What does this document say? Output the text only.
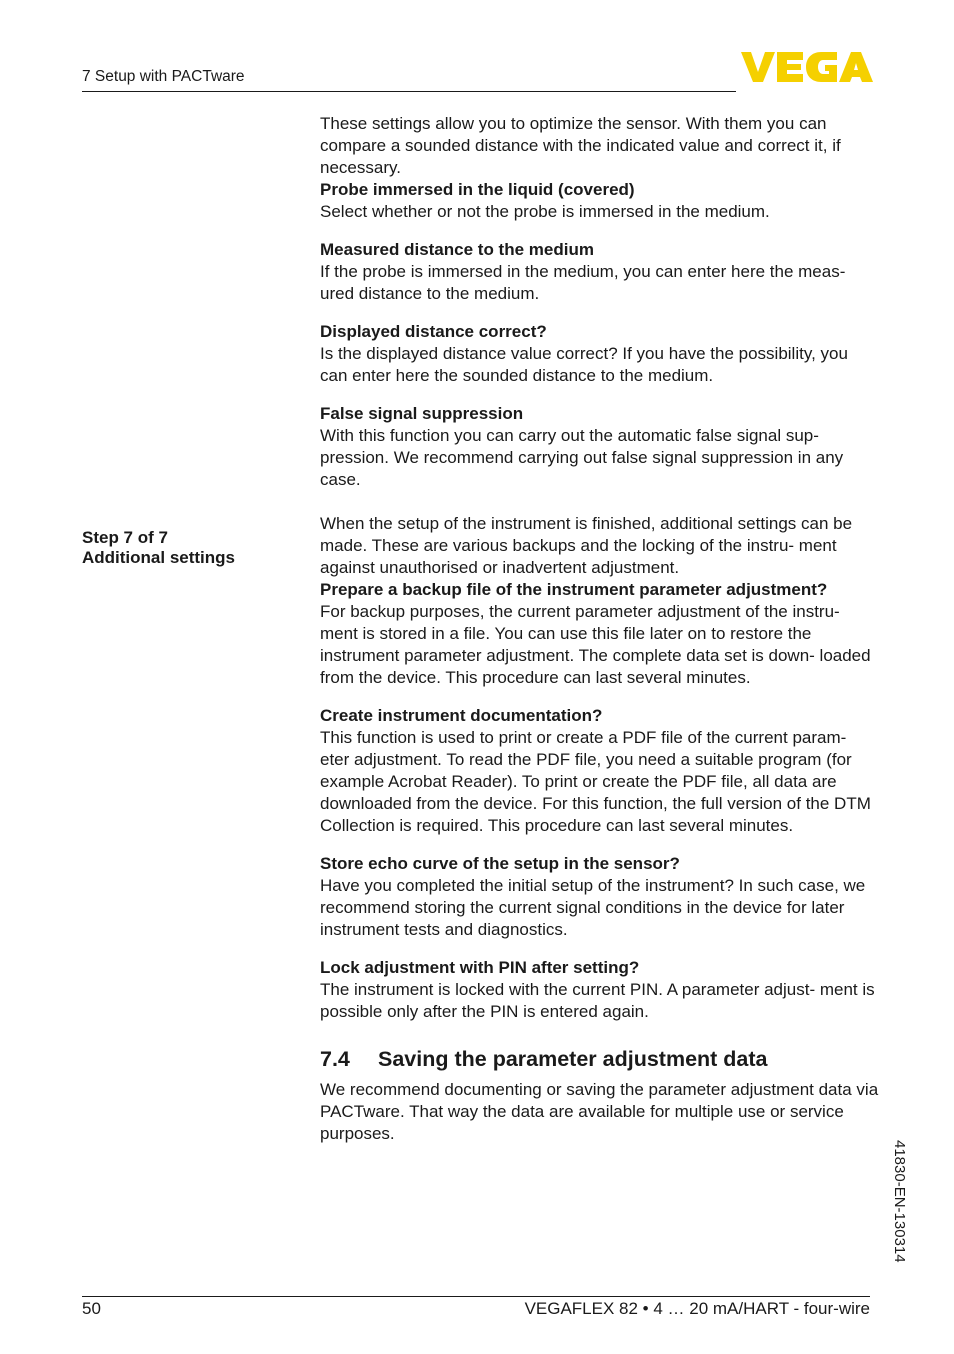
7 Setup with PACTware
Step 7 of 7
Additional settings

These settings allow you to optimize the sensor. With them you can compare a sounded distance with the indicated value and correct it, if necessary.

Probe immersed in the liquid (covered)

Select whether or not the probe is immersed in the medium.

Measured distance to the medium

If the probe is immersed in the medium, you can enter here the meas- ured distance to the medium.

Displayed distance correct?

Is the displayed distance value correct? If you have the possibility, you can enter here the sounded distance to the medium.

False signal suppression

With this function you can carry out the automatic false signal sup- pression. We recommend carrying out false signal suppression in any case.

When the setup of the instrument is finished, additional settings can be made. These are various backups and the locking of the instru- ment against unauthorised or inadvertent adjustment.

Prepare a backup file of the instrument parameter adjustment?

For backup purposes, the current parameter adjustment of the instru- ment is stored in a file. You can use this file later on to restore the instrument parameter adjustment. The complete data set is down- loaded from the device. This procedure can last several minutes.

Create instrument documentation?

This function is used to print or create a PDF file of the current param- eter adjustment. To read the PDF file, you need a suitable program (for example Acrobat Reader). To print or create the PDF file, all data are downloaded from the device. For this function, the full version of the DTM Collection is required. This procedure can last several minutes.

Store echo curve of the setup in the sensor?

Have you completed the initial setup of the instrument? In such case, we recommend storing the current signal conditions in the device for later instrument tests and diagnostics.

Lock adjustment with PIN after setting?

The instrument is locked with the current PIN. A parameter adjust- ment is possible only after the PIN is entered again.

7.4 Saving the parameter adjustment data

We recommend documenting or saving the parameter adjustment data via PACTware. That way the data are available for multiple use or service purposes.

41830-EN-130314
50	VEGAFLEX 82 • 4 … 20 mA/HART - four-wire
